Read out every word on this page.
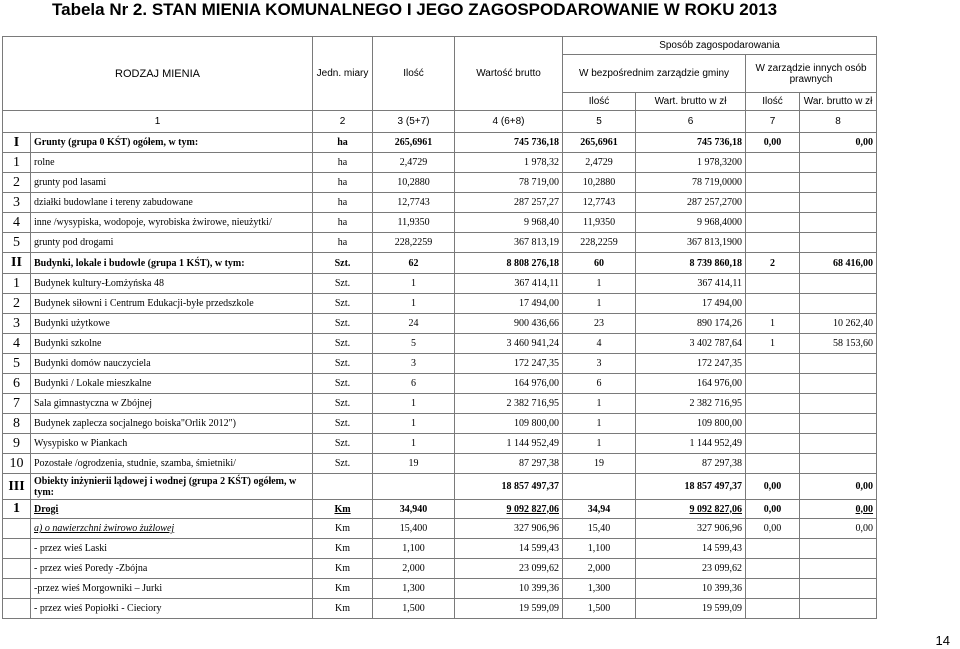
Tabela Nr 2. STAN MIENIA KOMUNALNEGO I JEGO ZAGOSPODAROWANIE W ROKU 2013
RODZAJ MIENIA		Jedn. miary	Ilość	Wartość brutto	Sposób zagospodarowania			
					W bezpośrednim zarządzie gminy		W zarządzie innych osób prawnych	
					Ilość	Wart. brutto w zł	Ilość	War. brutto w zł
1		2	3 (5+7)	4 (6+8)	5	6	7	8
I	Grunty (grupa 0 KŚT) ogółem, w tym:	ha	265,6961	745 736,18	265,6961	745 736,18	0,00	0,00
1	rolne	ha	2,4729	1 978,32	2,4729	1 978,3200		
2	grunty pod lasami	ha	10,2880	78 719,00	10,2880	78 719,0000		
3	działki budowlane i tereny zabudowane	ha	12,7743	287 257,27	12,7743	287 257,2700		
4	inne /wysypiska, wodopoje, wyrobiska żwirowe, nieużytki/	ha	11,9350	9 968,40	11,9350	9 968,4000		
5	grunty pod drogami	ha	228,2259	367 813,19	228,2259	367 813,1900		
II	Budynki, lokale i budowle (grupa 1 KŚT), w tym:	Szt.	62	8 808 276,18	60	8 739 860,18	2	68 416,00
1	Budynek kultury-Łomżyńska 48	Szt.	1	367 414,11	1	367 414,11		
2	Budynek siłowni i Centrum Edukacji-byłe przedszkole	Szt.	1	17 494,00	1	17 494,00		
3	Budynki użytkowe	Szt.	24	900 436,66	23	890 174,26	1	10 262,40
4	Budynki szkolne	Szt.	5	3 460 941,24	4	3 402 787,64	1	58 153,60
5	Budynki domów nauczyciela	Szt.	3	172 247,35	3	172 247,35		
6	Budynki / Lokale mieszkalne	Szt.	6	164 976,00	6	164 976,00		
7	Sala gimnastyczna w Zbójnej	Szt.	1	2 382 716,95	1	2 382 716,95		
8	Budynek zaplecza socjalnego boiska"Orlik 2012")	Szt.	1	109 800,00	1	109 800,00		
9	Wysypisko w Piankach	Szt.	1	1 144 952,49	1	1 144 952,49		
10	Pozostałe /ogrodzenia, studnie, szamba, śmietniki/	Szt.	19	87 297,38	19	87 297,38		
III	Obiekty inżynierii lądowej i wodnej (grupa 2 KŚT) ogółem, w tym:			18 857 497,37		18 857 497,37	0,00	0,00
1	Drogi	Km	34,940	9 092 827,06	34,94	9 092 827,06	0,00	0,00
	a) o nawierzchni żwirowo żużlowej	Km	15,400	327 906,96	15,40	327 906,96	0,00	0,00
	- przez wieś Laski	Km	1,100	14 599,43	1,100	14 599,43		
	- przez wieś Poredy -Zbójna	Km	2,000	23 099,62	2,000	23 099,62		
	-przez wieś Morgowniki – Jurki	Km	1,300	10 399,36	1,300	10 399,36		
	- przez wieś Popiołki - Cieciory	Km	1,500	19 599,09	1,500	19 599,09		
14
